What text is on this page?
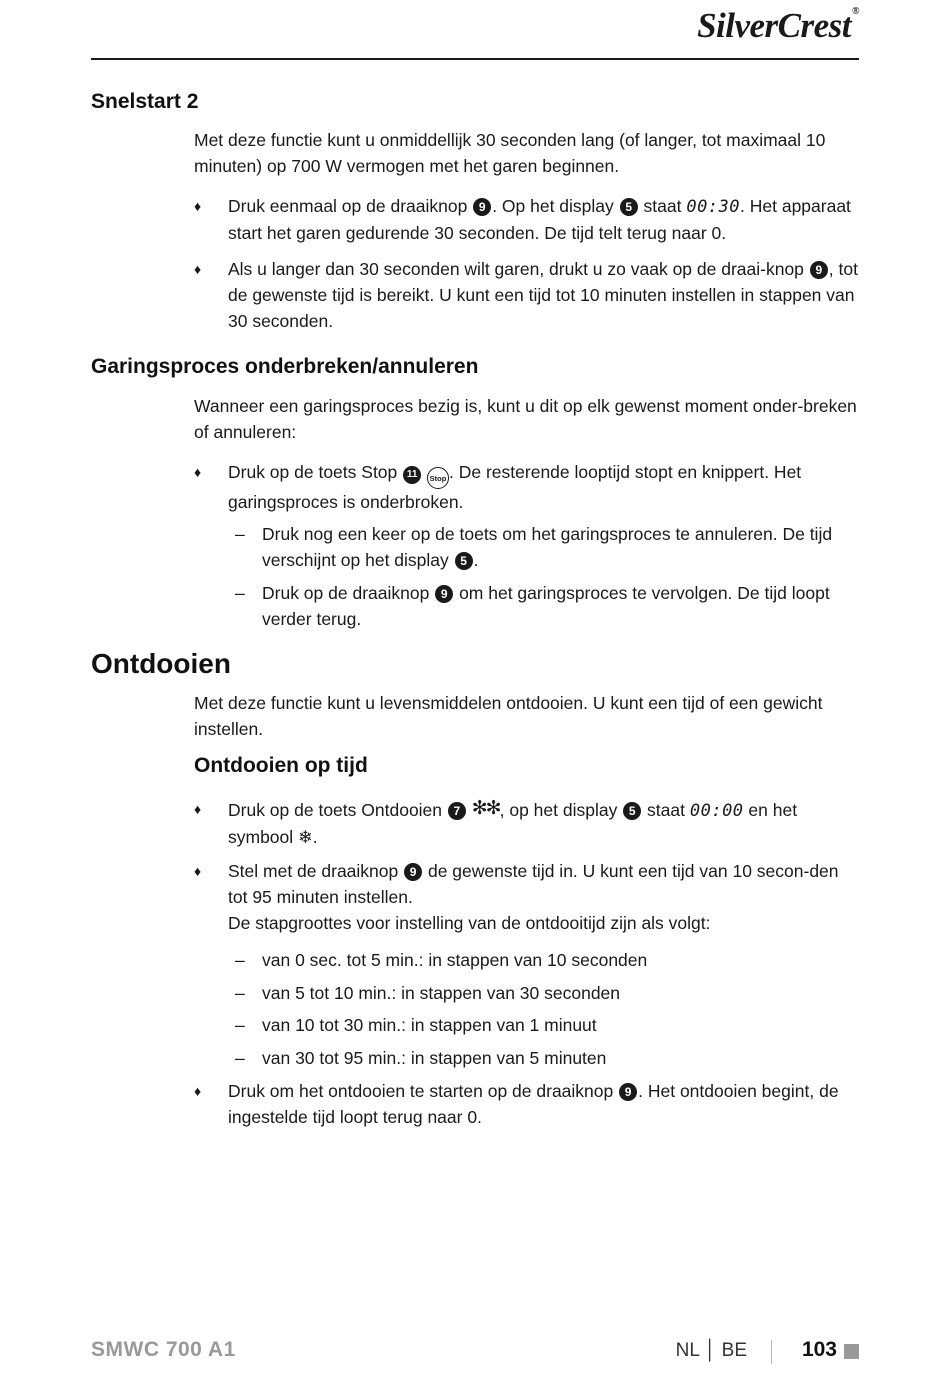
SilverCrest®
Snelstart 2

Met deze functie kunt u onmiddellijk 30 seconden lang (of langer, tot maximaal 10 minuten) op 700 W vermogen met het garen beginnen.

♦	Druk eenmaal op de draaiknop 9 . Op het display 5 staat 00:30. Het apparaat start het garen gedurende 30 seconden. De tijd telt terug naar 0.
♦	Als u langer dan 30 seconden wilt garen, drukt u zo vaak op de draai-knop 9 , tot de gewenste tijd is bereikt. U kunt een tijd tot 10 minuten instellen in stappen van 30 seconden.
Garingsproces onderbreken/annuleren

Wanneer een garingsproces bezig is, kunt u dit op elk gewenst moment onder-breken of annuleren:

♦	Druk op de toets Stop 11 Stop . De resterende looptijd stopt en knippert. Het garingsproces is onderbroken.
– Druk nog een keer op de toets om het garingsproces te annuleren. De tijd verschijnt op het display 5 .
– Druk op de draaiknop 9 om het garingsproces te vervolgen. De tijd loopt verder terug.
Ontdooien

Met deze functie kunt u levensmiddelen ontdooien. U kunt een tijd of een gewicht instellen.

Ontdooien op tijd
♦	Druk op de toets Ontdooien 7 ✻✻, op het display 5 staat 00:00 en het symbool ❄.
♦	Stel met de draaiknop 9 de gewenste tijd in. U kunt een tijd van 10 secon-den tot 95 minuten instellen.
De stapgroottes voor instelling van de ontdooitijd zijn als volgt:
– van 0 sec. tot 5 min.: in stappen van 10 seconden
– van 5 tot 10 min.: in stappen van 30 seconden
– van 10 tot 30 min.: in stappen van 1 minuut
– van 30 tot 95 min.: in stappen van 5 minuten
♦	Druk om het ontdooien te starten op de draaiknop 9 . Het ontdooien begint, de ingestelde tijd loopt terug naar 0.
SMWC 700 A1	NL │ BE	103
